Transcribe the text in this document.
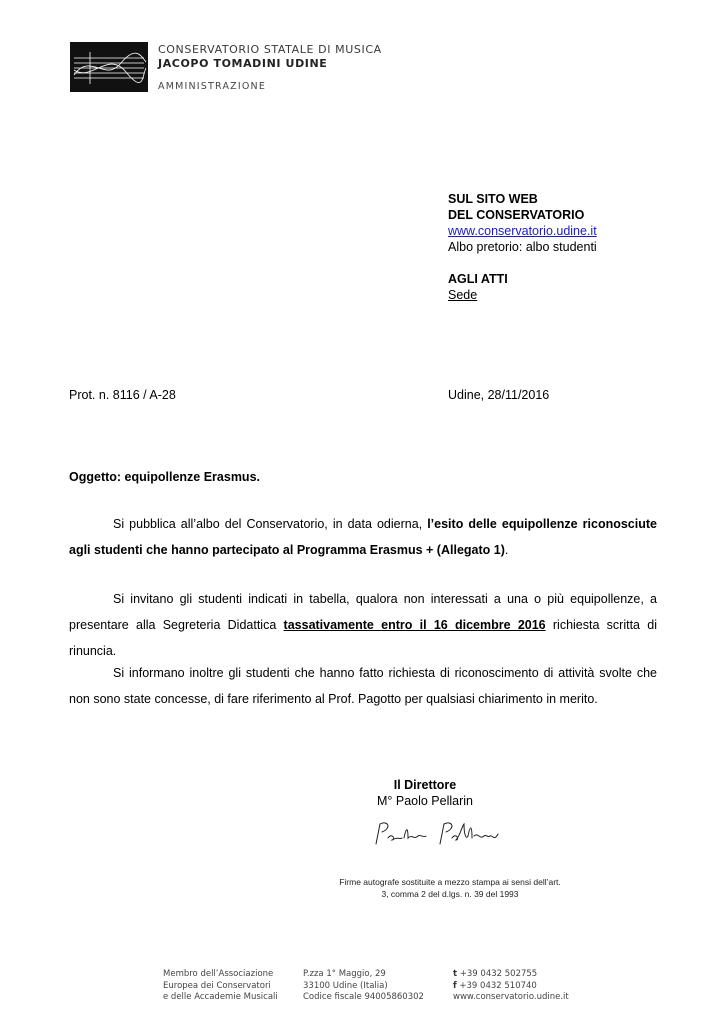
CONSERVATORIO STATALE DI MUSICA
JACOPO TOMADINI UDINE
AMMINISTRAZIONE
SUL SITO WEB
DEL CONSERVATORIO
www.conservatorio.udine.it
Albo pretorio: albo studenti
AGLI ATTI
Sede
Prot. n. 8116 / A-28	Udine, 28/11/2016
Oggetto: equipollenze Erasmus.
Si pubblica all’albo del Conservatorio, in data odierna, l’esito delle equipollenze riconosciute agli studenti che hanno partecipato al Programma Erasmus + (Allegato 1).
Si invitano gli studenti indicati in tabella, qualora non interessati a una o più equipollenze, a presentare alla Segreteria Didattica tassativamente entro il 16 dicembre 2016 richiesta scritta di rinuncia.
Si informano inoltre gli studenti che hanno fatto richiesta di riconoscimento di attività svolte che non sono state concesse, di fare riferimento al Prof. Pagotto per qualsiasi chiarimento in merito.
Il Direttore
M° Paolo Pellarin
Firme autografe sostituite a mezzo stampa ai sensi dell’art.
3, comma 2 del d.lgs. n. 39 del 1993
Membro dell’Associazione
Europea dei Conservatori
e delle Accademie Musicali
P.zza 1° Maggio, 29
33100 Udine (Italia)
Codice fiscale 94005860302
t +39 0432 502755
f +39 0432 510740
www.conservatorio.udine.it
